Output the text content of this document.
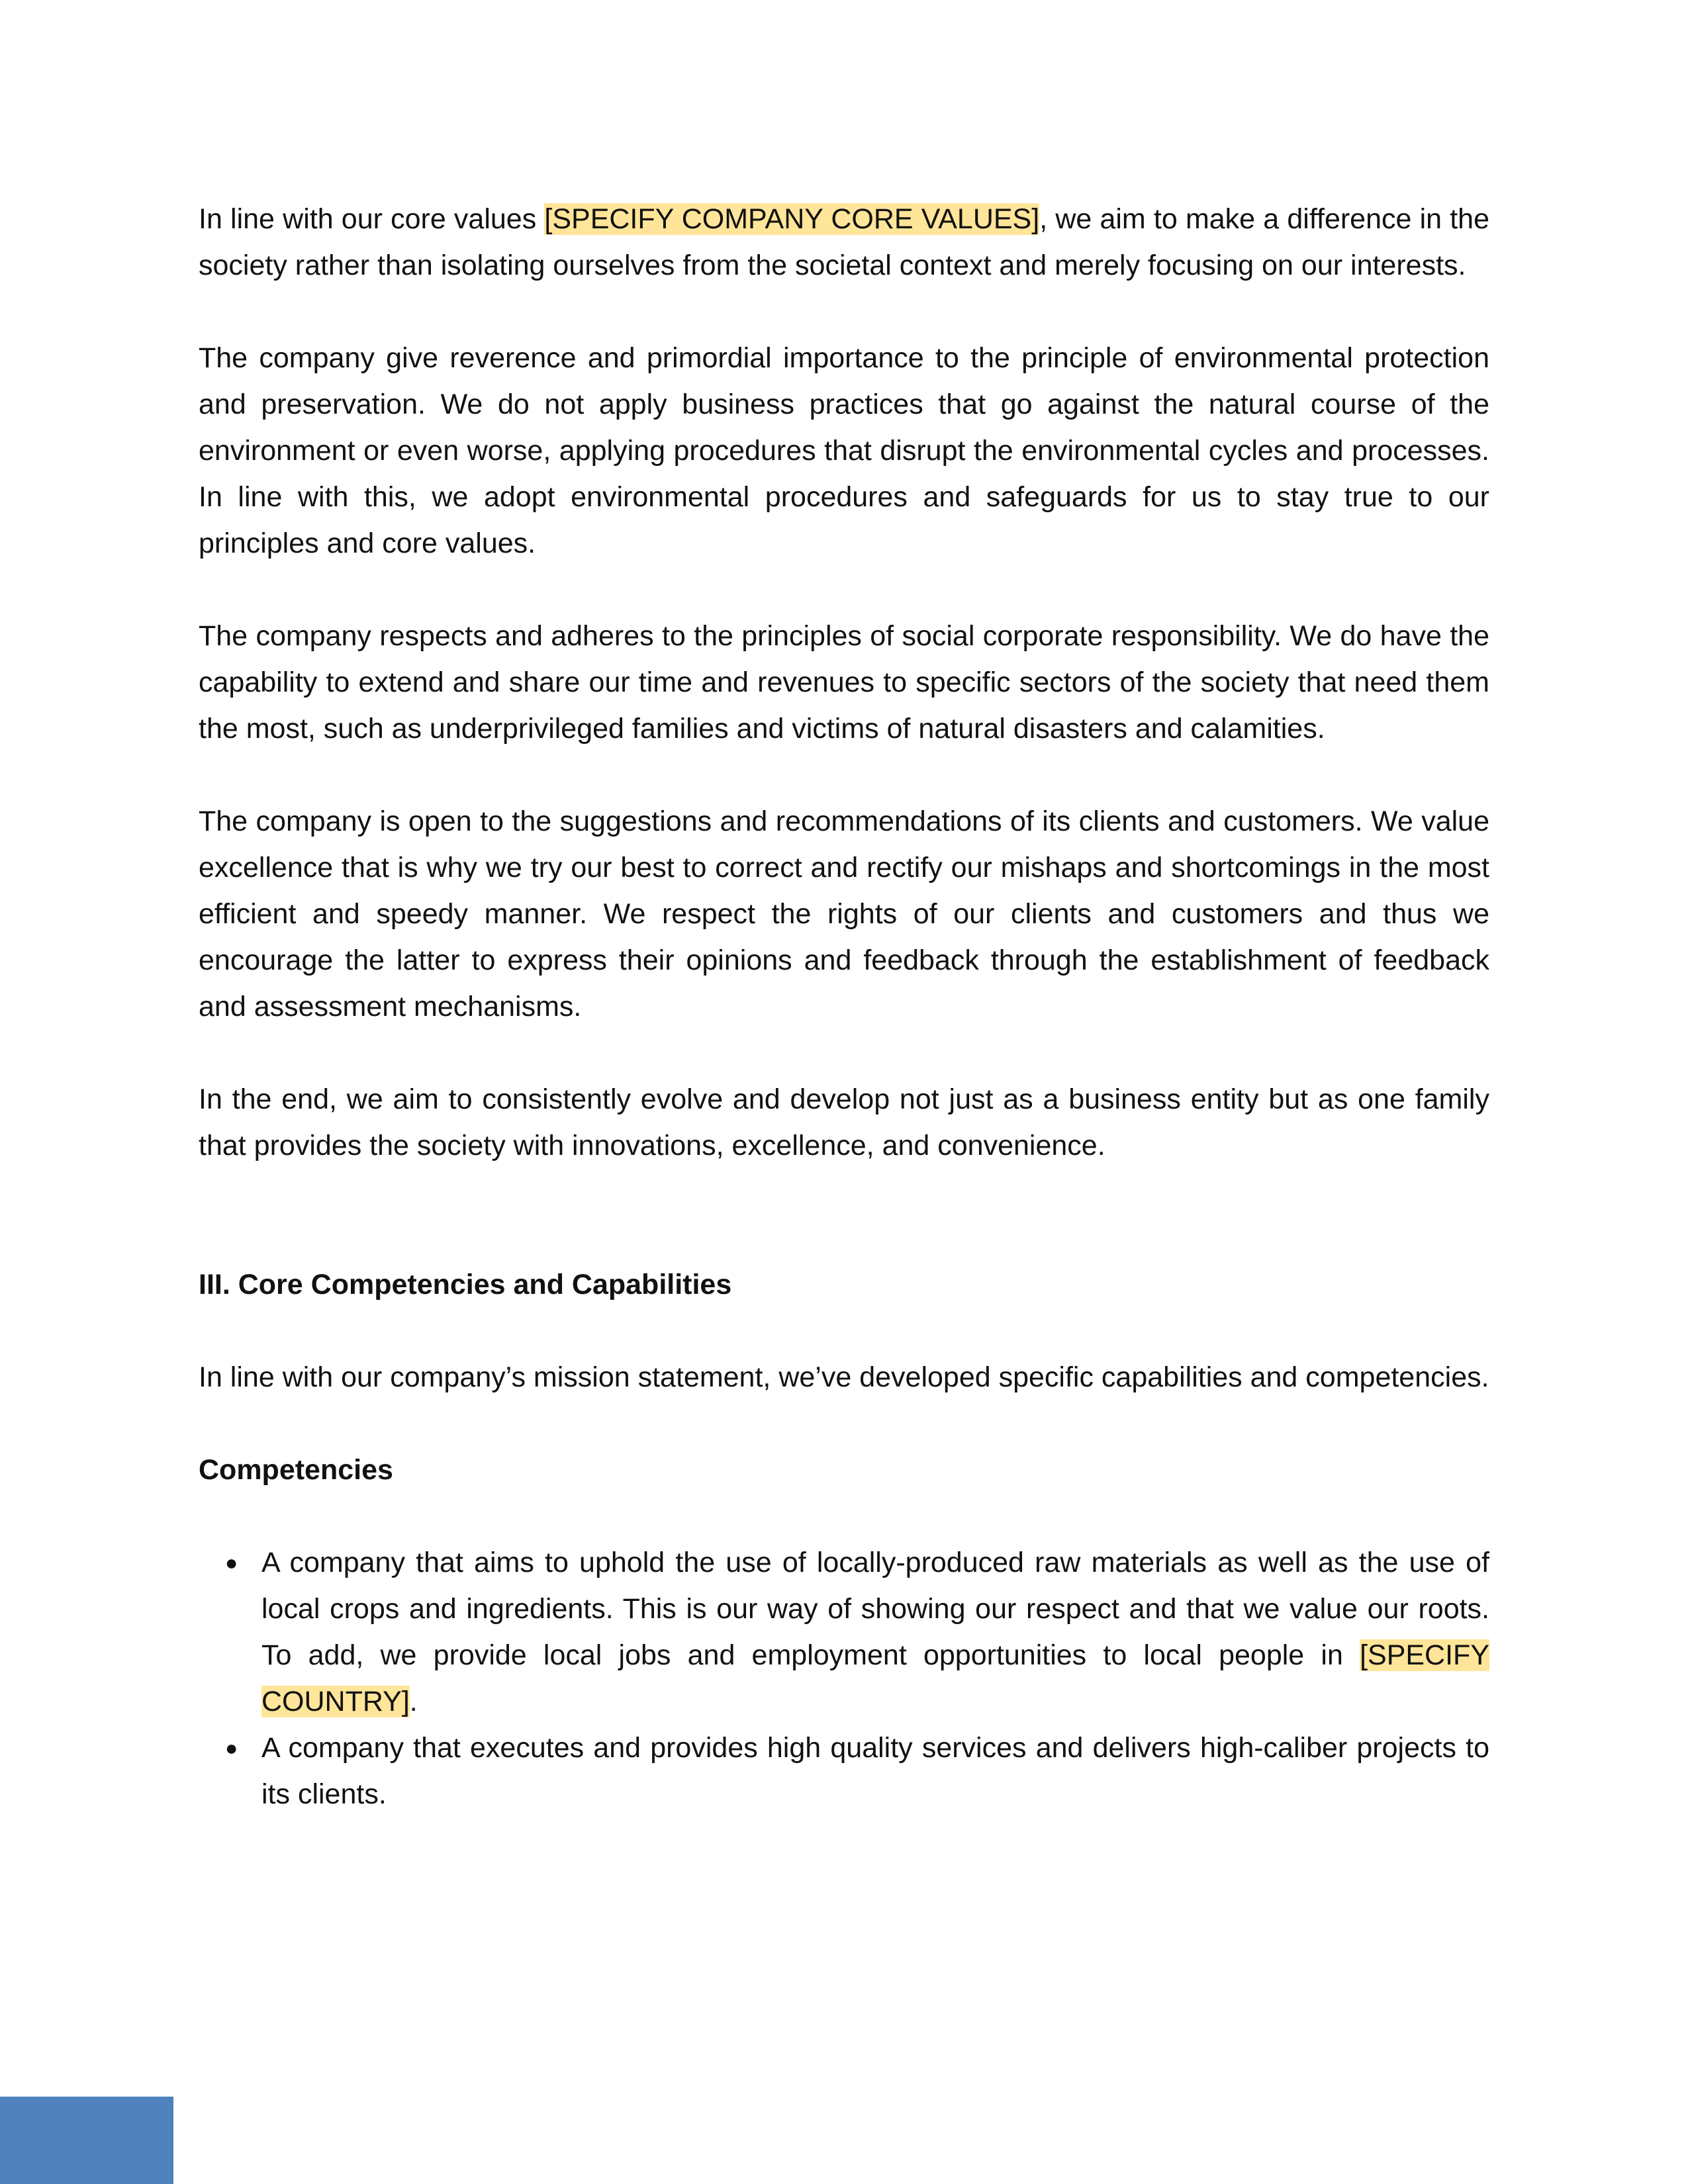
In line with our core values [SPECIFY COMPANY CORE VALUES], we aim to make a difference in the society rather than isolating ourselves from the societal context and merely focusing on our interests.

The company give reverence and primordial importance to the principle of environmental protection and preservation. We do not apply business practices that go against the natural course of the environment or even worse, applying procedures that disrupt the environmental cycles and processes. In line with this, we adopt environmental procedures and safeguards for us to stay true to our principles and core values.

The company respects and adheres to the principles of social corporate responsibility. We do have the capability to extend and share our time and revenues to specific sectors of the society that need them the most, such as underprivileged families and victims of natural disasters and calamities.

The company is open to the suggestions and recommendations of its clients and customers. We value excellence that is why we try our best to correct and rectify our mishaps and shortcomings in the most efficient and speedy manner. We respect the rights of our clients and customers and thus we encourage the latter to express their opinions and feedback through the establishment of feedback and assessment mechanisms.

In the end, we aim to consistently evolve and develop not just as a business entity but as one family that provides the society with innovations, excellence, and convenience.

III. Core Competencies and Capabilities

In line with our company’s mission statement, we’ve developed specific capabilities and competencies.

Competencies

● A company that aims to uphold the use of locally-produced raw materials as well as the use of local crops and ingredients. This is our way of showing our respect and that we value our roots. To add, we provide local jobs and employment opportunities to local people in [SPECIFY COUNTRY].
● A company that executes and provides high quality services and delivers high-caliber projects to its clients.
